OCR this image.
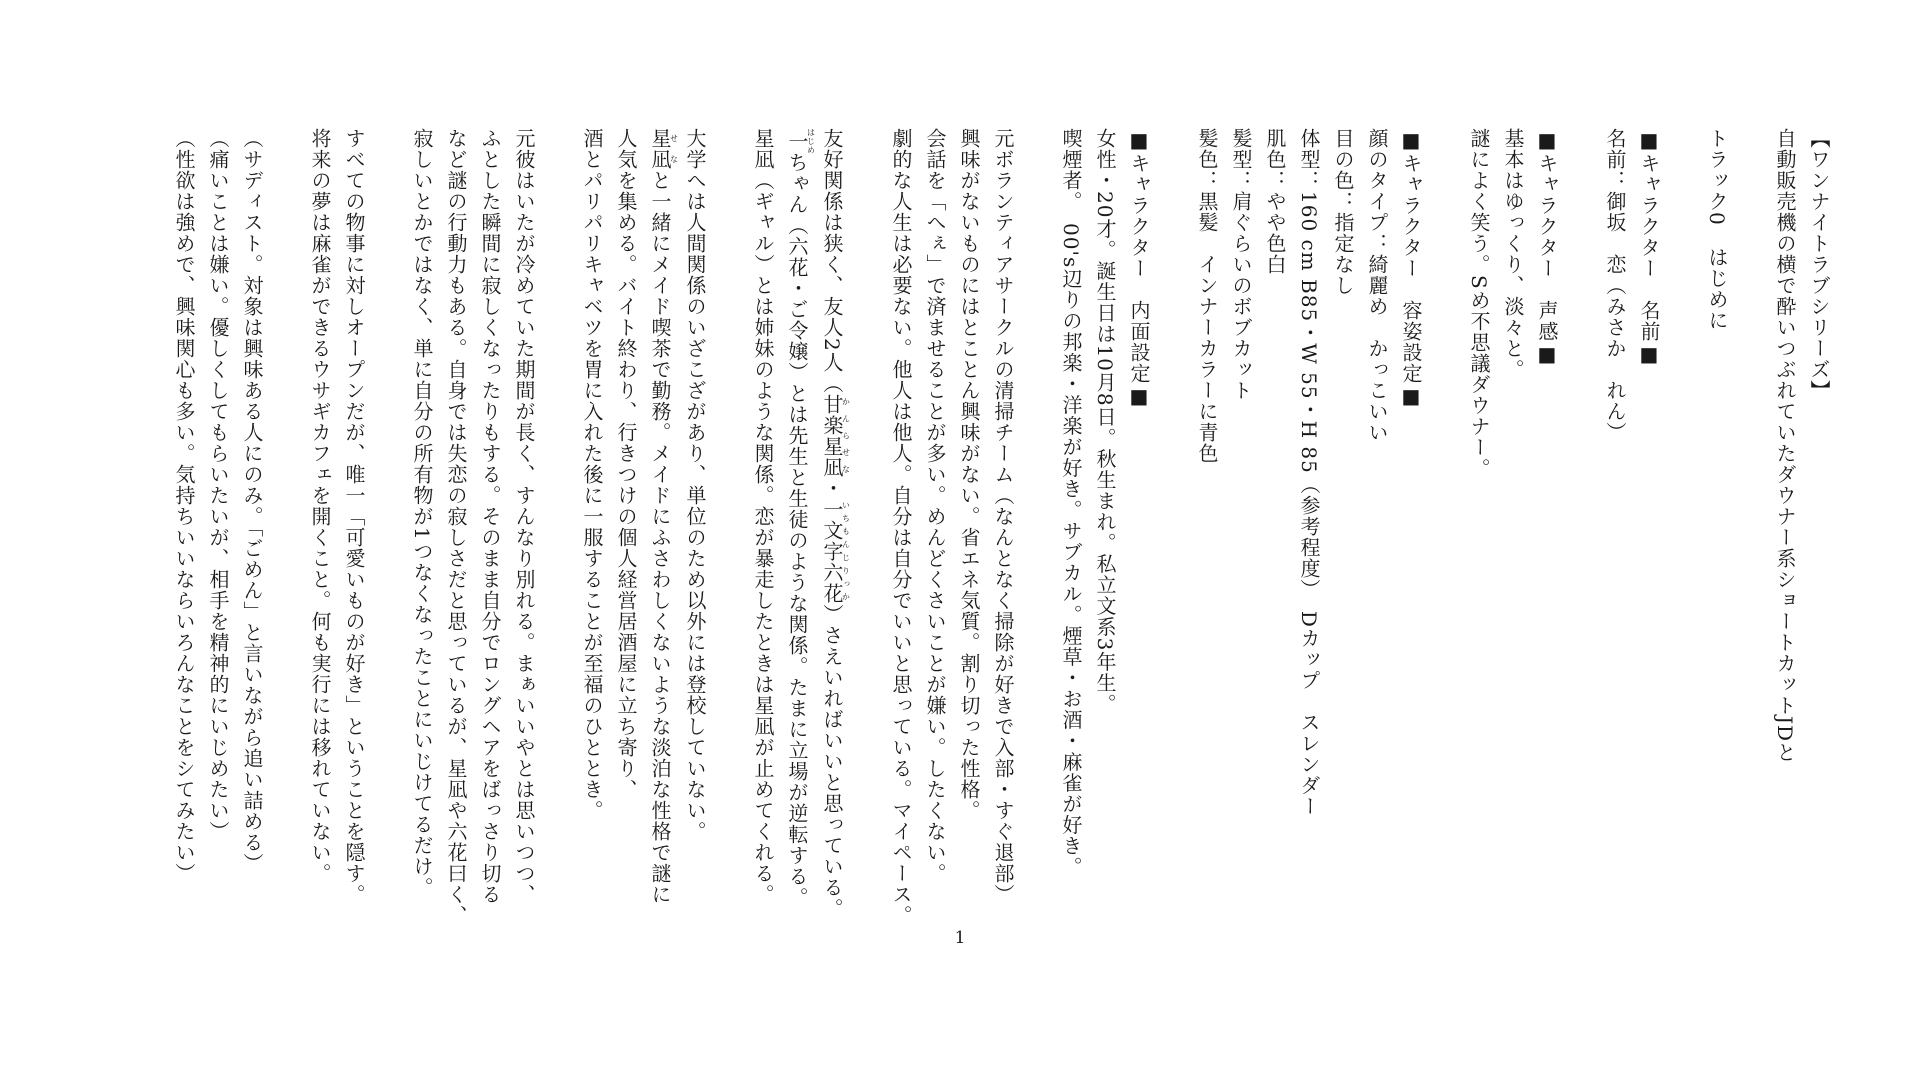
【ワンナイトラブシリーズ】
自動販売機の横で酔いつぶれていたダウナー系ショートカットJDと
トラック0　はじめに
■キャラクター　名前■
名前：御坂　恋（みさか　れん）
■キャラクター　声感■
基本はゆっくり、淡々と。
謎によく笑う。Sめ不思議ダウナー。
■キャラクター　容姿設定■
顔のタイプ：綺麗め　かっこいい
目の色：指定なし
体型：160 cm B85・W 55・H 85（参考程度）　Dカップ　スレンダー
肌色：やや色白
髪型：肩ぐらいのボブカット
髪色：黒髪　インナーカラーに青色
■キャラクター　内面設定■
女性・20才。誕生日は10月8日。秋生まれ。私立文系3年生。
喫煙者。　00's辺りの邦楽・洋楽が好き。サブカル。煙草・お酒・麻雀が好き。
元ボランティアサークルの清掃チーム（なんとなく掃除が好きで入部・すぐ退部）
興味がないものにはとことん興味がない。省エネ気質。割り切った性格。
会話を「へぇ」で済ませることが多い。めんどくさいことが嫌い。したくない。
劇的な人生は必要ない。他人は他人。自分は自分でいいと思っている。マイペース。
友好関係は狭く、友人2人（甘楽星凪かんらせな・一文字六花いちもんじりっか）さえいればいいと思っている。
一はじめちゃん（六花・ご令嬢）とは先生と生徒のような関係。たまに立場が逆転する。
星凪（ギャル）とは姉妹のような関係。恋が暴走したときは星凪が止めてくれる。
大学へは人間関係のいざこざがあり、単位のため以外には登校していない。
星凪せなと一緒にメイド喫茶で勤務。メイドにふさわしくないような淡泊な性格で謎に
人気を集める。バイト終わり、行きつけの個人経営居酒屋に立ち寄り、
酒とパリパリキャベツを胃に入れた後に一服することが至福のひととき。
元彼はいたが冷めていた期間が長く、すんなり別れる。まぁいいやとは思いつつ、
ふとした瞬間に寂しくなったりもする。そのまま自分でロングヘアをばっさり切る
など謎の行動力もある。自身では失恋の寂しさだと思っているが、星凪や六花曰く、
寂しいとかではなく、単に自分の所有物が1つなくなったことにいじけてるだけ。
すべての物事に対しオープンだが、唯一「可愛いものが好き」ということを隠す。
将来の夢は麻雀ができるウサギカフェを開くこと。何も実行には移れていない。
（サディスト。対象は興味ある人にのみ。「ごめん」と言いながら追い詰める）
（痛いことは嫌い。優しくしてもらいたいが、相手を精神的にいじめたい）
（性欲は強めで、興味関心も多い。気持ちいいならいろんなことをシてみたい）
1
